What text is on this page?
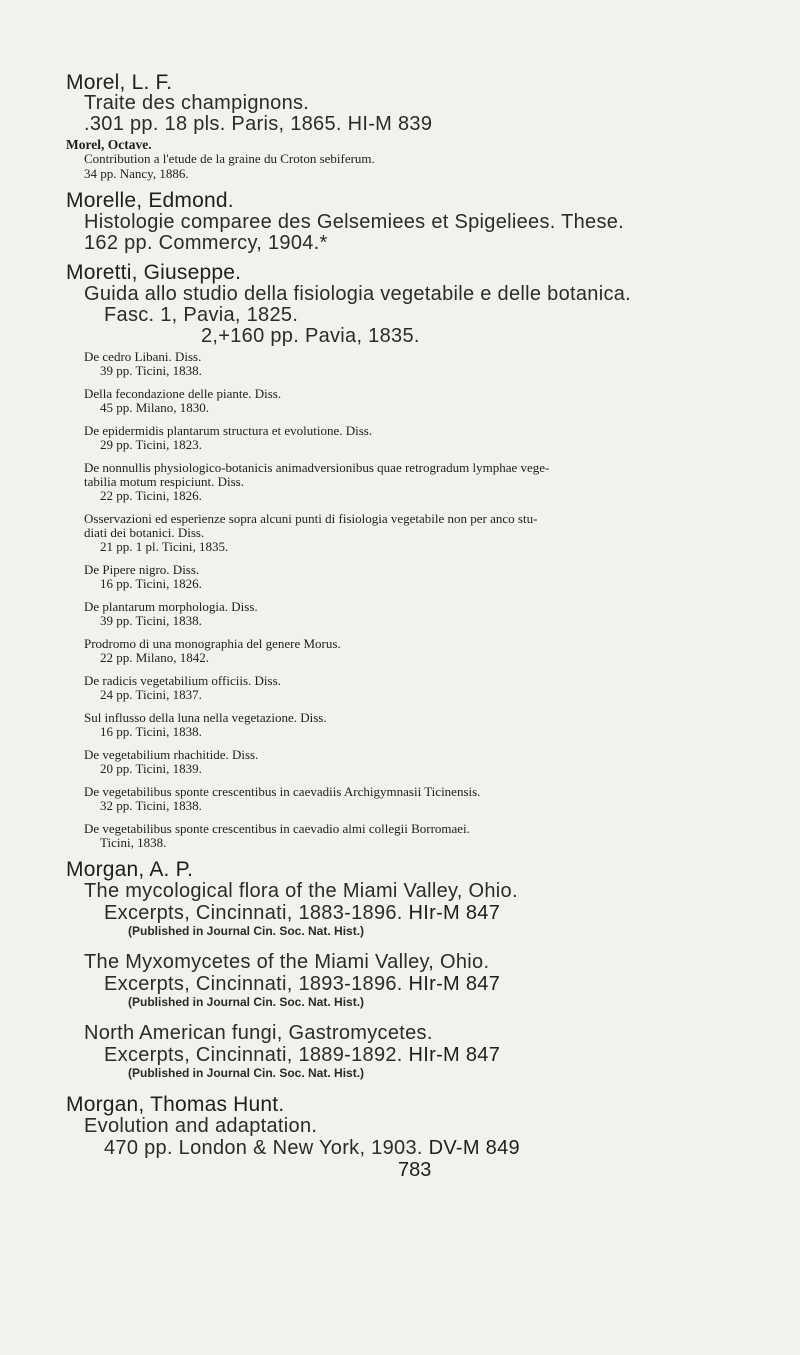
Morel, L. F.
Traite des champignons.
.301 pp. 18 pls. Paris, 1865. HI-M 839
Morel, Octave.
Contribution a l'etude de la graine du Croton sebiferum.
34 pp. Nancy, 1886.
Morelle, Edmond.
Histologie comparee des Gelsemiees et Spigeliees. These.
162 pp. Commercy, 1904.*
Moretti, Giuseppe.
Guida allo studio della fisiologia vegetabile e delle botanica.
Fasc. 1, Pavia, 1825.
2,+160 pp. Pavia, 1835.
De cedro Libani. Diss.
39 pp. Ticini, 1838.
Della fecondazione delle piante. Diss.
45 pp. Milano, 1830.
De epidermidis plantarum structura et evolutione. Diss.
29 pp. Ticini, 1823.
De nonnullis physiologico-botanicis animadversionibus quae retrogradum lymphae vege-
tabilia motum respiciunt. Diss.
22 pp. Ticini, 1826.
Osservazioni ed esperienze sopra alcuni punti di fisiologia vegetabile non per anco stu-
diati dei botanici. Diss.
21 pp. 1 pl. Ticini, 1835.
De Pipere nigro. Diss.
16 pp. Ticini, 1826.
De plantarum morphologia. Diss.
39 pp. Ticini, 1838.
Prodromo di una monographia del genere Morus.
22 pp. Milano, 1842.
De radicis vegetabilium officiis. Diss.
24 pp. Ticini, 1837.
Sul influsso della luna nella vegetazione. Diss.
16 pp. Ticini, 1838.
De vegetabilium rhachitide. Diss.
20 pp. Ticini, 1839.
De vegetabilibus sponte crescentibus in caevadiis Archigymnasii Ticinensis.
32 pp. Ticini, 1838.
De vegetabilibus sponte crescentibus in caevadio almi collegii Borromaei.
Ticini, 1838.
Morgan, A. P.
The mycological flora of the Miami Valley, Ohio.
Excerpts, Cincinnati, 1883-1896. HIr-M 847
(Published in Journal Cin. Soc. Nat. Hist.)
The Myxomycetes of the Miami Valley, Ohio.
Excerpts, Cincinnati, 1893-1896. HIr-M 847
(Published in Journal Cin. Soc. Nat. Hist.)
North American fungi, Gastromycetes.
Excerpts, Cincinnati, 1889-1892. HIr-M 847
(Published in Journal Cin. Soc. Nat. Hist.)
Morgan, Thomas Hunt.
Evolution and adaptation.
470 pp. London & New York, 1903. DV-M 849
783
